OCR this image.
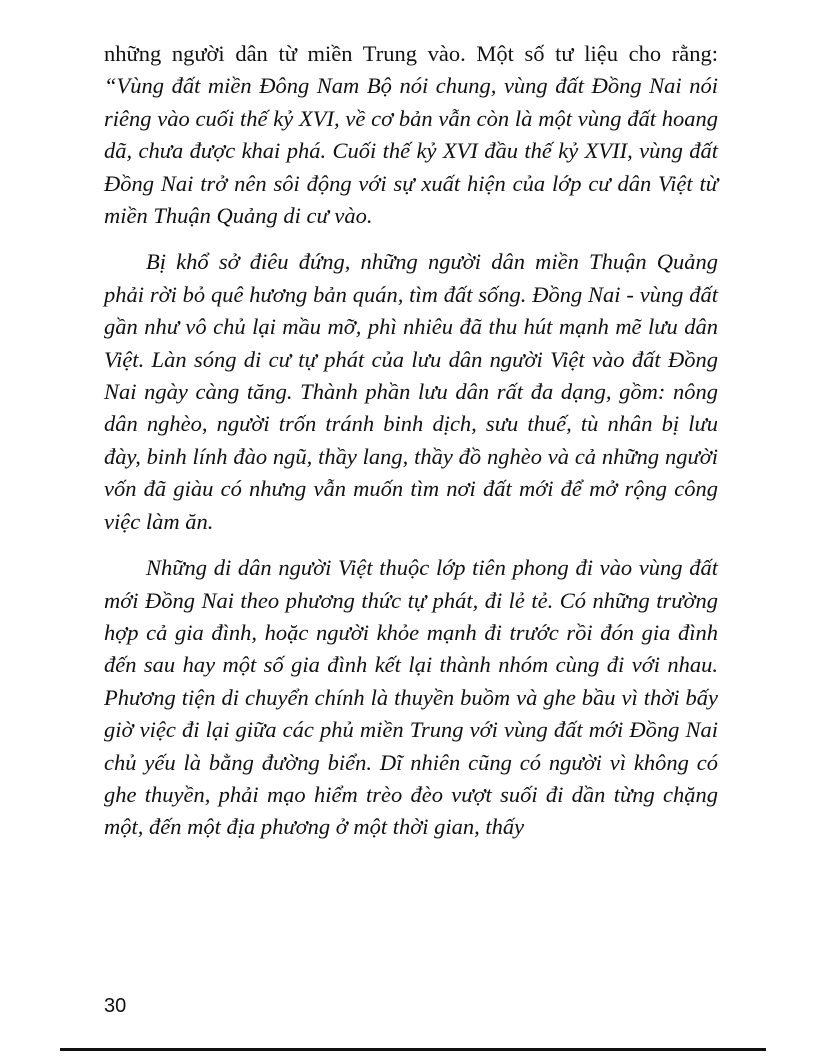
những người dân từ miền Trung vào. Một số tư liệu cho rằng: “Vùng đất miền Đông Nam Bộ nói chung, vùng đất Đồng Nai nói riêng vào cuối thế kỷ XVI, về cơ bản vẫn còn là một vùng đất hoang dã, chưa được khai phá. Cuối thế kỷ XVI đầu thế kỷ XVII, vùng đất Đồng Nai trở nên sôi động với sự xuất hiện của lớp cư dân Việt từ miền Thuận Quảng di cư vào.

Bị khổ sở điêu đứng, những người dân miền Thuận Quảng phải rời bỏ quê hương bản quán, tìm đất sống. Đồng Nai - vùng đất gần như vô chủ lại mầu mỡ, phì nhiêu đã thu hút mạnh mẽ lưu dân Việt. Làn sóng di cư tự phát của lưu dân người Việt vào đất Đồng Nai ngày càng tăng. Thành phần lưu dân rất đa dạng, gồm: nông dân nghèo, người trốn tránh binh dịch, sưu thuế, tù nhân bị lưu đày, binh lính đào ngũ, thầy lang, thầy đồ nghèo và cả những người vốn đã giàu có nhưng vẫn muốn tìm nơi đất mới để mở rộng công việc làm ăn.

Những di dân người Việt thuộc lớp tiên phong đi vào vùng đất mới Đồng Nai theo phương thức tự phát, đi lẻ tẻ. Có những trường hợp cả gia đình, hoặc người khỏe mạnh đi trước rồi đón gia đình đến sau hay một số gia đình kết lại thành nhóm cùng đi với nhau. Phương tiện di chuyển chính là thuyền buồm và ghe bầu vì thời bấy giờ việc đi lại giữa các phủ miền Trung với vùng đất mới Đồng Nai chủ yếu là bằng đường biển. Dĩ nhiên cũng có người vì không có ghe thuyền, phải mạo hiểm trèo đèo vượt suối đi dần từng chặng một, đến một địa phương ở một thời gian, thấy

30
